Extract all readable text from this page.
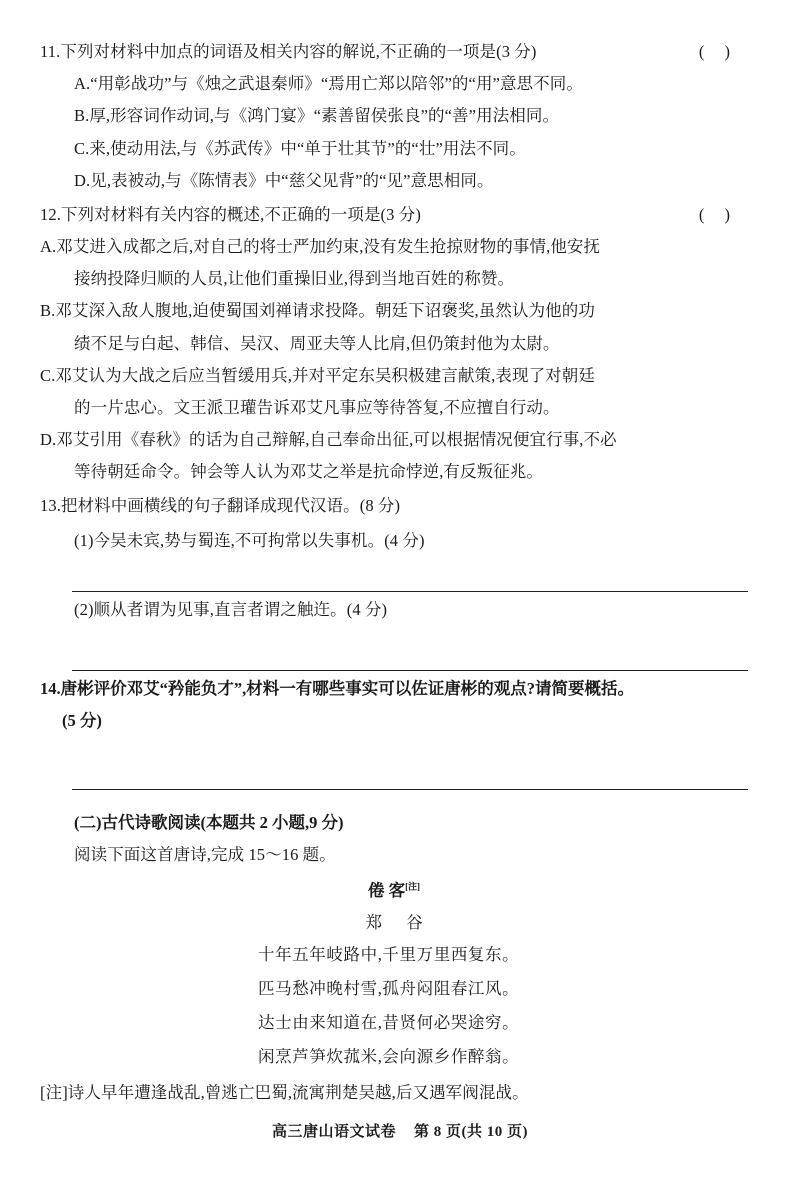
( )
11.下列对材料中加点的词语及相关内容的解说,不正确的一项是(3 分)
A.“用彰战功”与《烛之武退秦师》“焉用亡郑以陪邻”的“用”意思不同。
B.厚,形容词作动词,与《鸿门宴》“素善留侯张良”的“善”用法相同。
C.来,使动用法,与《苏武传》中“单于壮其节”的“壮”用法不同。
D.见,表被动,与《陈情表》中“慈父见背”的“见”意思相同。
( )
12.下列对材料有关内容的概述,不正确的一项是(3 分)
A.邓艾进入成都之后,对自己的将士严加约束,没有发生抢掠财物的事情,他安抚
接纳投降归顺的人员,让他们重操旧业,得到当地百姓的称赞。
B.邓艾深入敌人腹地,迫使蜀国刘禅请求投降。朝廷下诏褒奖,虽然认为他的功
绩不足与白起、韩信、吴汉、周亚夫等人比肩,但仍策封他为太尉。
C.邓艾认为大战之后应当暂缓用兵,并对平定东吴积极建言献策,表现了对朝廷
的一片忠心。文王派卫瓘告诉邓艾凡事应等待答复,不应擅自行动。
D.邓艾引用《春秋》的话为自己辩解,自己奉命出征,可以根据情况便宜行事,不必
等待朝廷命令。钟会等人认为邓艾之举是抗命悖逆,有反叛征兆。
13.把材料中画横线的句子翻译成现代汉语。(8 分)
(1)今吴未宾,势与蜀连,不可拘常以失事机。(4 分)
(2)顺从者谓为见事,直言者谓之触迕。(4 分)
14.唐彬评价邓艾“矜能负才”,材料一有哪些事实可以佐证唐彬的观点?请简要概括。
(5 分)
(二)古代诗歌阅读(本题共 2 小题,9 分)
阅读下面这首唐诗,完成 15～16 题。
倦 客[注]
郑 谷
十年五年岐路中,千里万里西复东。
匹马愁冲晚村雪,孤舟闷阻春江风。
达士由来知道在,昔贤何必哭途穷。
闲烹芦笋炊菰米,会向源乡作醉翁。
[注]诗人早年遭逢战乱,曾逃亡巴蜀,流寓荆楚吴越,后又遇军阀混战。
高三唐山语文试卷 第 8 页(共 10 页)
